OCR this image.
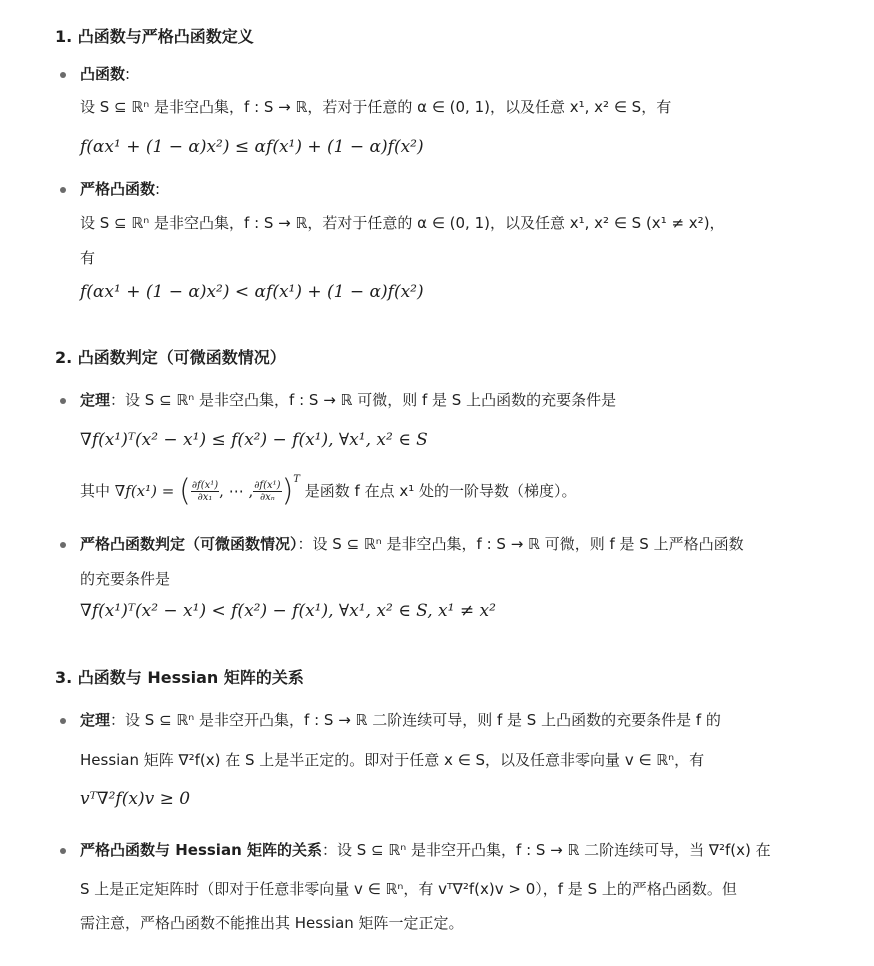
1. 凸函数与严格凸函数定义
凸函数:
设 S ⊆ ℝⁿ 是非空凸集，f : S → ℝ，若对于任意的 α ∈ (0, 1)，以及任意 x¹, x² ∈ S，有
f(αx¹ + (1 − α)x²) ≤ αf(x¹) + (1 − α)f(x²)
严格凸函数:
设 S ⊆ ℝⁿ 是非空凸集，f : S → ℝ，若对于任意的 α ∈ (0, 1)，以及任意 x¹, x² ∈ S (x¹ ≠ x²)，
有
f(αx¹ + (1 − α)x²) < αf(x¹) + (1 − α)f(x²)
2. 凸函数判定（可微函数情况）
定理：设 S ⊆ ℝⁿ 是非空凸集，f : S → ℝ 可微，则 f 是 S 上凸函数的充要条件是
∇f(x¹)ᵀ(x² − x¹) ≤ f(x²) − f(x¹), ∀x¹, x² ∈ S
其中 ∇f(x¹) = ( $\frac{\text{∂f(x¹)}}{\text{∂x₁}}$ , ⋯ , $\frac{\text{∂f(x¹)}}{\text{∂xₙ}} )^T$ 是函数 f 在点 x¹ 处的一阶导数（梯度）。
严格凸函数判定（可微函数情况）：设 S ⊆ ℝⁿ 是非空凸集，f : S → ℝ 可微，则 f 是 S 上严格凸函数
的充要条件是
∇f(x¹)ᵀ(x² − x¹) < f(x²) − f(x¹), ∀x¹, x² ∈ S, x¹ ≠ x²
3. 凸函数与 Hessian 矩阵的关系
定理：设 S ⊆ ℝⁿ 是非空开凸集，f : S → ℝ 二阶连续可导，则 f 是 S 上凸函数的充要条件是 f 的
Hessian 矩阵 ∇²f(x) 在 S 上是半正定的。即对于任意 x ∈ S，以及任意非零向量 v ∈ ℝⁿ，有
vᵀ∇²f(x)v ≥ 0
严格凸函数与 Hessian 矩阵的关系：设 S ⊆ ℝⁿ 是非空开凸集，f : S → ℝ 二阶连续可导，当 ∇²f(x) 在
S 上是正定矩阵时（即对于任意非零向量 v ∈ ℝⁿ，有 vᵀ∇²f(x)v > 0），f 是 S 上的严格凸函数。但
需注意，严格凸函数不能推出其 Hessian 矩阵一定正定。
